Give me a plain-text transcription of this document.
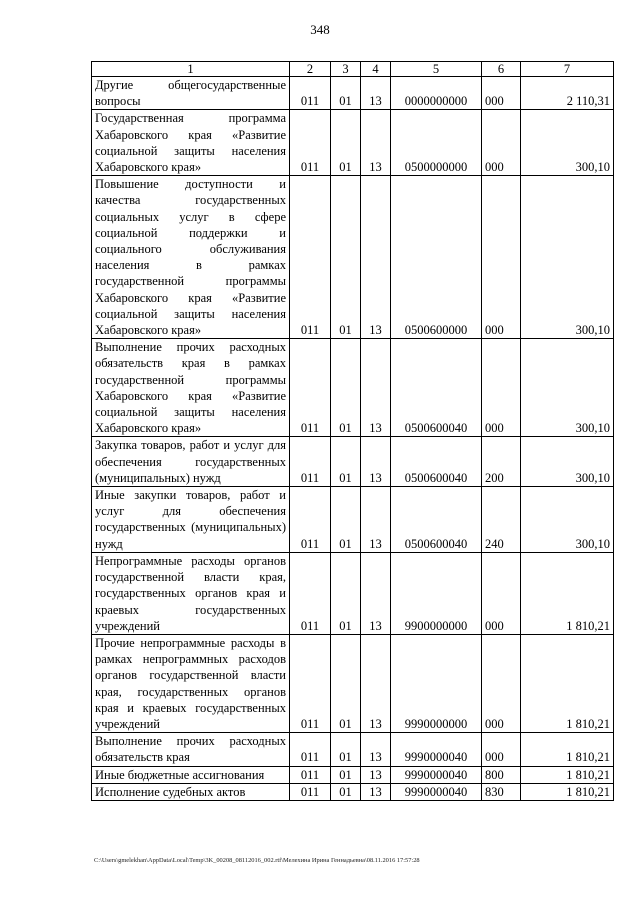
348
1	2	3	4	5	6	7
Другие общегосударственные вопросы	011	01	13	0000000000	000	2 110,31
Государственная программа Хабаровского края «Развитие социальной защиты населения Хабаровского края»	011	01	13	0500000000	000	300,10
Повышение доступности и качества государственных социальных услуг в сфере социальной поддержки и социального обслуживания населения в рамках государственной программы Хабаровского края «Развитие социальной защиты населения Хабаровского края»	011	01	13	0500600000	000	300,10
Выполнение прочих расходных обязательств края в рамках государственной программы Хабаровского края «Развитие социальной защиты населения Хабаровского края»	011	01	13	0500600040	000	300,10
Закупка товаров, работ и услуг для обеспечения государственных (муниципальных) нужд	011	01	13	0500600040	200	300,10
Иные закупки товаров, работ и услуг для обеспечения государственных (муниципальных) нужд	011	01	13	0500600040	240	300,10
Непрограммные расходы органов государственной власти края, государственных органов края и краевых государственных учреждений	011	01	13	9900000000	000	1 810,21
Прочие непрограммные расходы в рамках непрограммных расходов органов государственной власти края, государственных органов края и краевых государственных учреждений	011	01	13	9990000000	000	1 810,21
Выполнение прочих расходных обязательств края	011	01	13	9990000040	000	1 810,21
Иные бюджетные ассигнования	011	01	13	9990000040	800	1 810,21
Исполнение судебных актов	011	01	13	9990000040	830	1 810,21
C:\Users\gmelekhan\AppData\Local\Temp\3K_00208_08112016_002.rtf\Мелехина Ирина Геннадьевна\08.11.2016 17:57:28
